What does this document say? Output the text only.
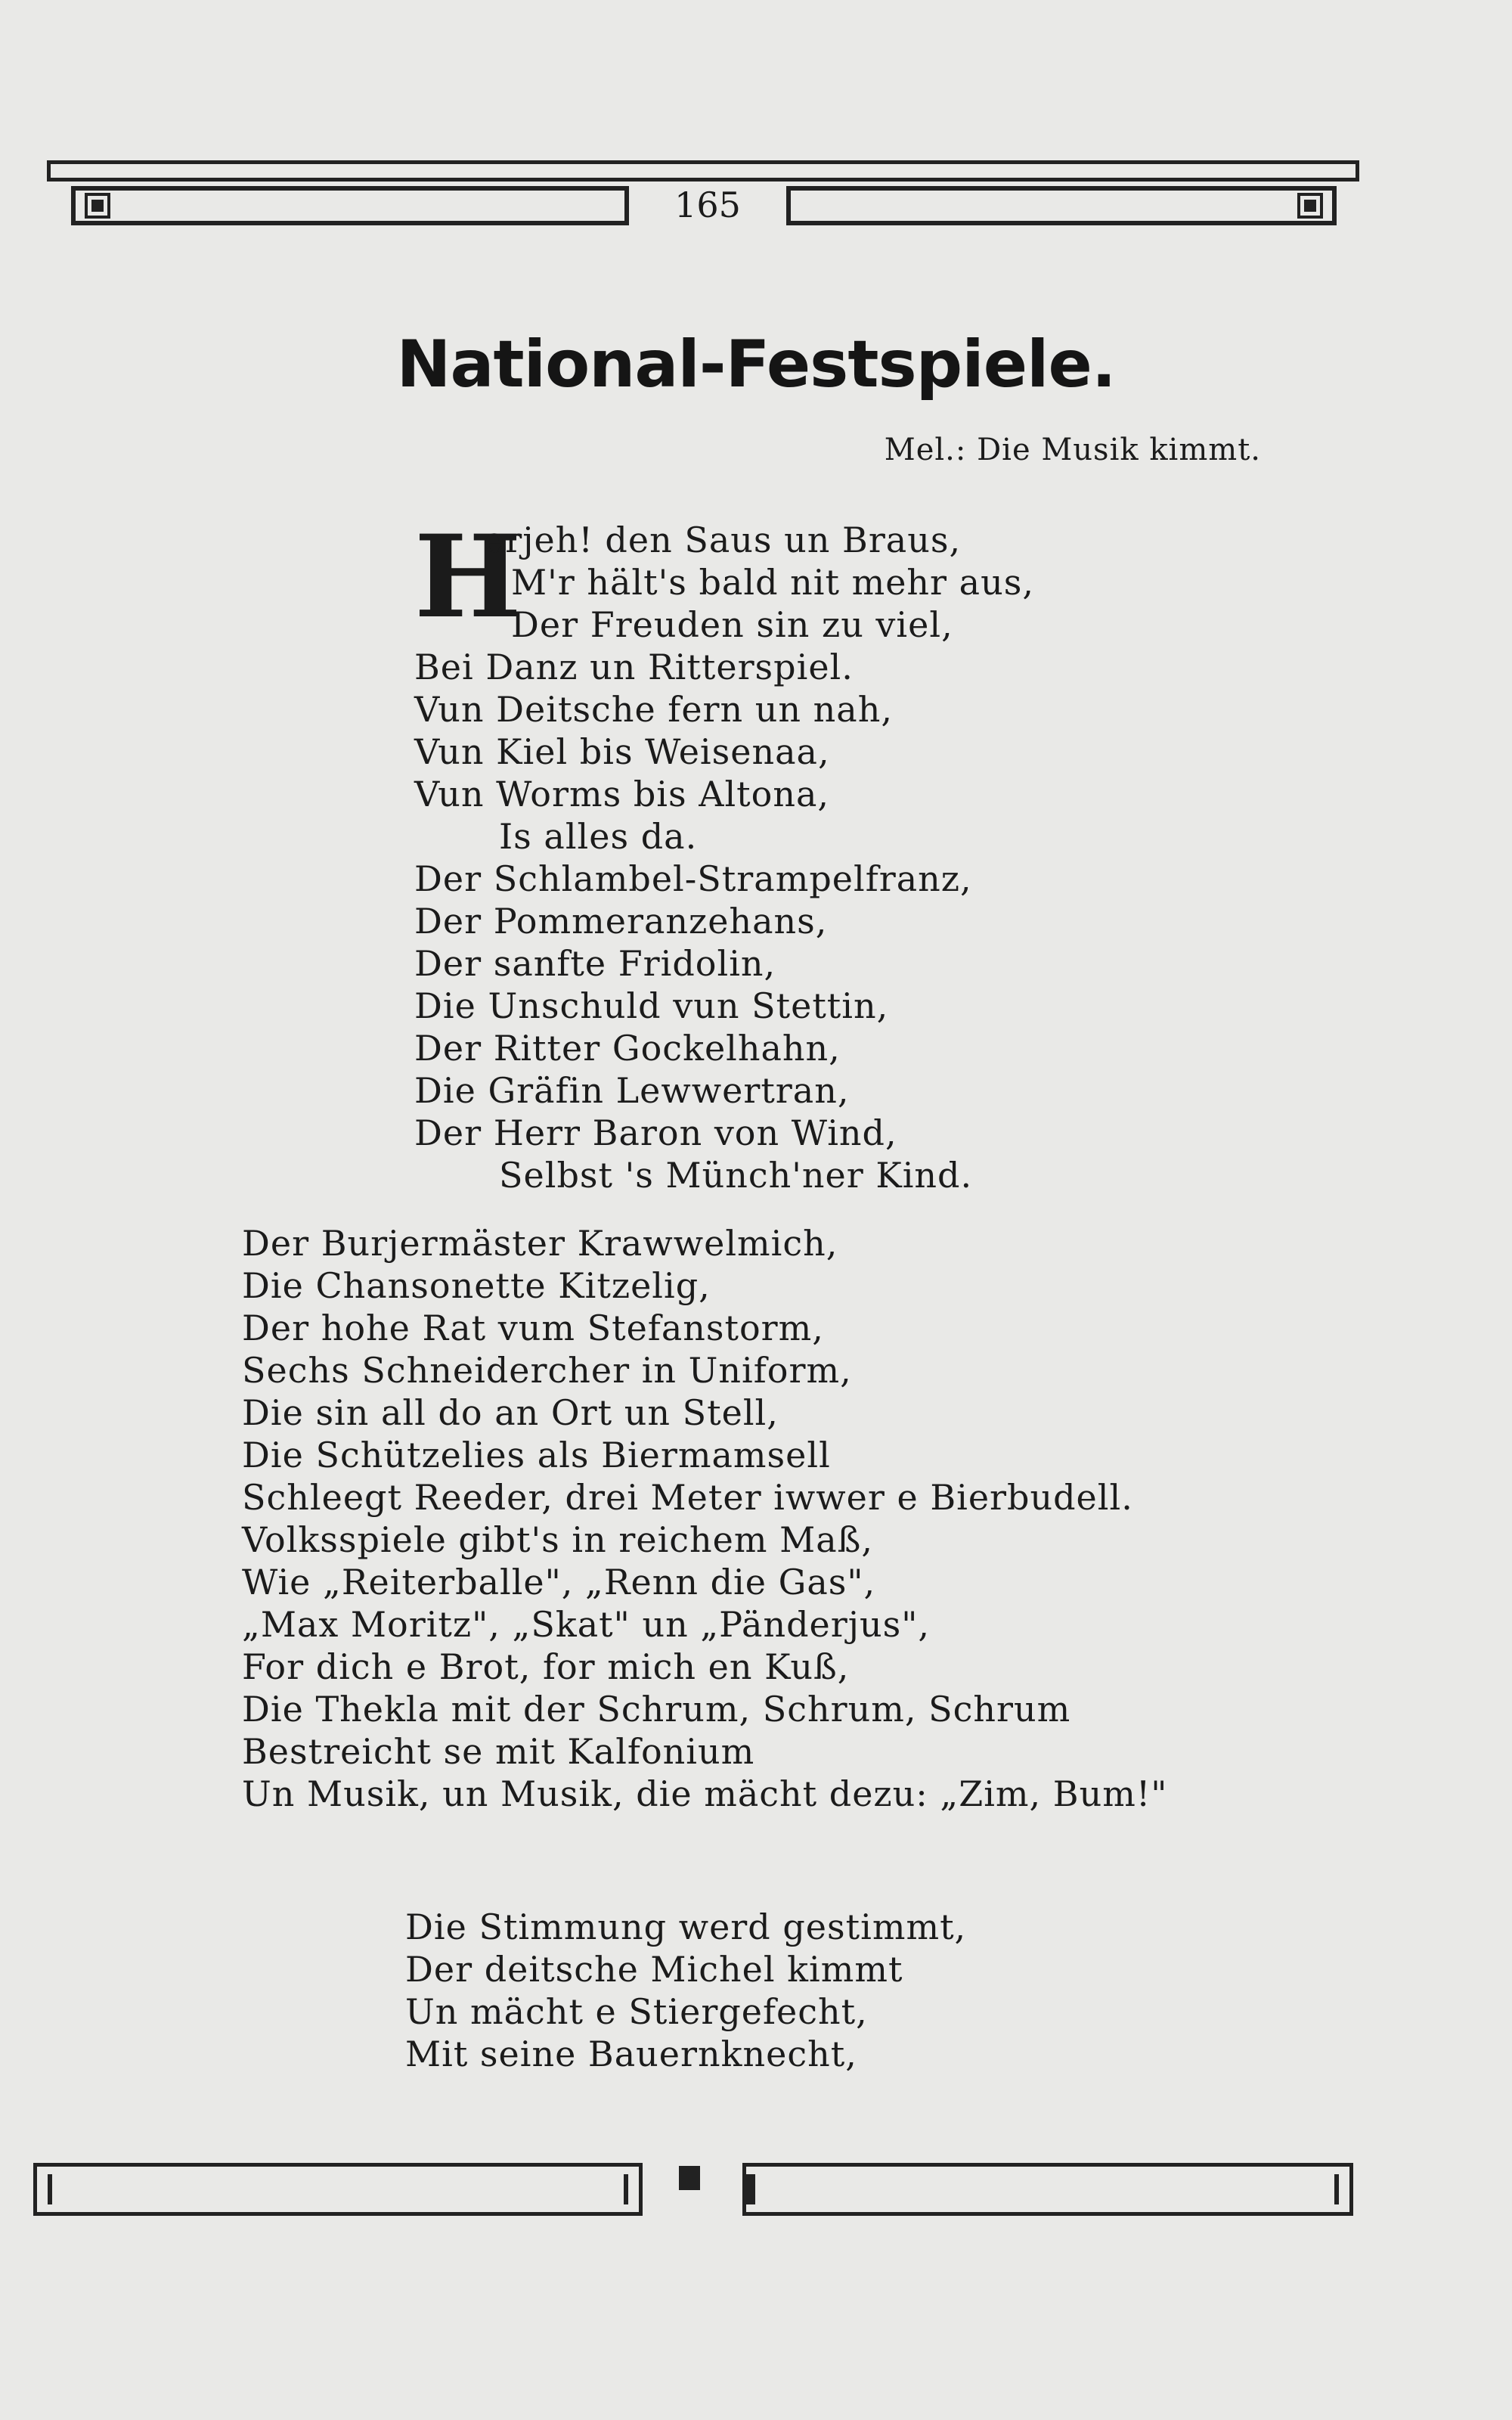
165
National-Festspiele.
Mel.: Die Musik kimmt.
H
erjeh! den Saus un Braus,
M'r hält's bald nit mehr aus,
Der Freuden sin zu viel,
Bei Danz un Ritterspiel.
Vun Deitsche fern un nah,
Vun Kiel bis Weisenaa,
Vun Worms bis Altona,
Is alles da.
Der Schlambel-Strampelfranz,
Der Pommeranzehans,
Der sanfte Fridolin,
Die Unschuld vun Stettin,
Der Ritter Gockelhahn,
Die Gräfin Lewwertran,
Der Herr Baron von Wind,
Selbst 's Münch'ner Kind.
Der Burjermäster Krawwelmich,
Die Chansonette Kitzelig,
Der hohe Rat vum Stefanstorm,
Sechs Schneidercher in Uniform,
Die sin all do an Ort un Stell,
Die Schützelies als Biermamsell
Schleegt Reeder, drei Meter iwwer e Bierbudell.
Volksspiele gibt's in reichem Maß,
Wie „Reiterballe", „Renn die Gas",
„Max Moritz", „Skat" un „Pänderjus",
For dich e Brot, for mich en Kuß,
Die Thekla mit der Schrum, Schrum, Schrum
Bestreicht se mit Kalfonium
Un Musik, un Musik, die mächt dezu: „Zim, Bum!"
Die Stimmung werd gestimmt,
Der deitsche Michel kimmt
Un mächt e Stiergefecht,
Mit seine Bauernknecht,
